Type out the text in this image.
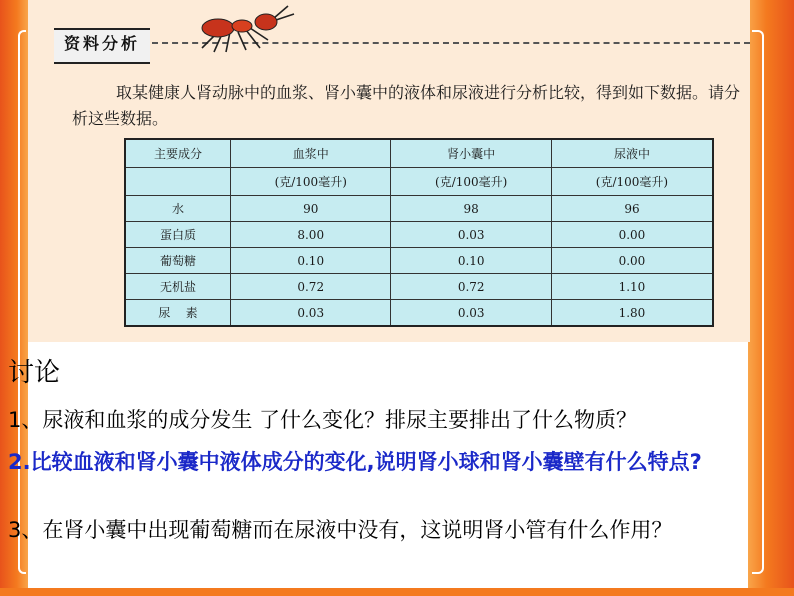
资料分析
取某健康人肾动脉中的血浆、肾小囊中的液体和尿液进行分析比较，得到如下数据。请分析这些数据。
主要成分	血浆中	肾小囊中	尿液中
	(克/100毫升)	(克/100毫升)	(克/100毫升)
水	90	98	96
蛋白质	8.00	0.03	0.00
葡萄糖	0.10	0.10	0.00
无机盐	0.72	0.72	1.10
尿    素	0.03	0.03	1.80
讨论
1、尿液和血浆的成分发生 了什么变化？排尿主要排出了什么物质？
2.比较血液和肾小囊中液体成分的变化,说明肾小球和肾小囊壁有什么特点?
3、在肾小囊中出现葡萄糖而在尿液中没有，这说明肾小管有什么作用？
